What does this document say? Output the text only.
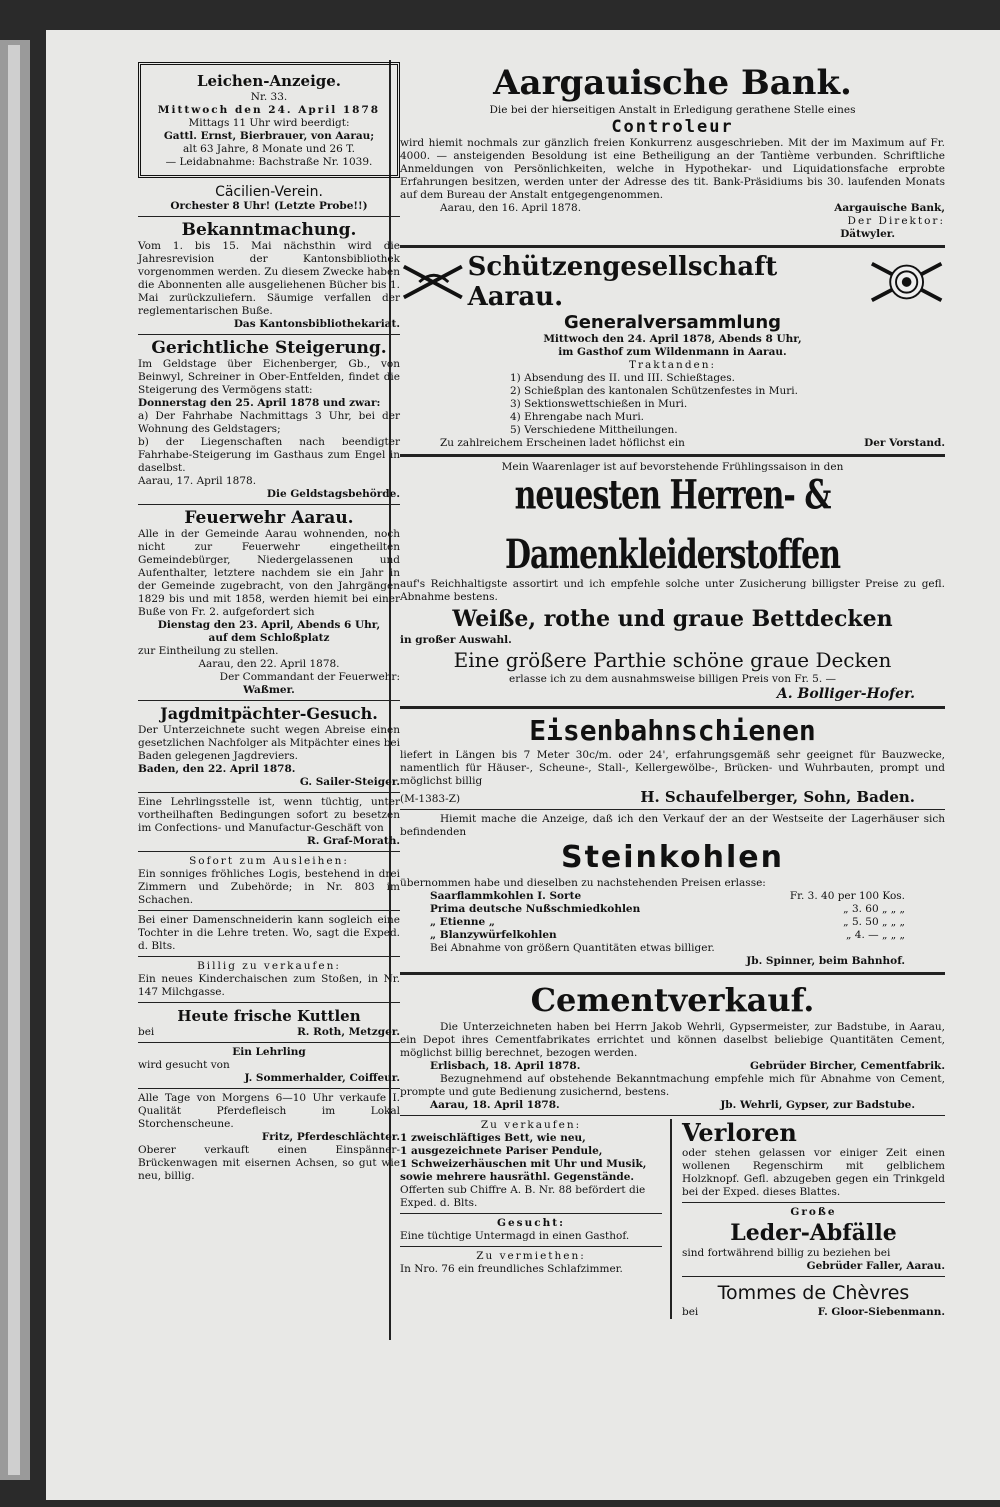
Leichen-Anzeige.

Nr. 33.

Mittwoch den 24. April 1878

Mittags 11 Uhr wird beerdigt:

Gattl. Ernst, Bierbrauer, von Aarau;

alt 63 Jahre, 8 Monate und 26 T.

— Leidabnahme: Bachstraße Nr. 1039.

Cäcilien-Verein.

Orchester 8 Uhr! (Letzte Probe!!)

Bekanntmachung.

Vom 1. bis 15. Mai nächsthin wird die Jahresrevision der Kantonsbibliothek vorgenommen werden. Zu diesem Zwecke haben die Abonnenten alle ausgeliehenen Bücher bis 1. Mai zurückzuliefern. Säumige verfallen der reglementarischen Buße.

Das Kantonsbibliothekariat.

Gerichtliche Steigerung.

Im Geldstage über Eichenberger, Gb., von Beinwyl, Schreiner in Ober-Entfelden, findet die Steigerung des Vermögens statt:

Donnerstag den 25. April 1878 und zwar:

a) Der Fahrhabe Nachmittags 3 Uhr, bei der Wohnung des Geldstagers;

b) der Liegenschaften nach beendigter Fahrhabe-Steigerung im Gasthaus zum Engel in daselbst.

Aarau, 17. April 1878.

Die Geldstagsbehörde.

Feuerwehr Aarau.

Alle in der Gemeinde Aarau wohnenden, noch nicht zur Feuerwehr eingetheilten Gemeindebürger, Niedergelassenen und Aufenthalter, letztere nachdem sie ein Jahr in der Gemeinde zugebracht, von den Jahrgängen 1829 bis und mit 1858, werden hiemit bei einer Buße von Fr. 2. aufgefordert sich

Dienstag den 23. April, Abends 6 Uhr,

auf dem Schloßplatz

zur Eintheilung zu stellen.

Aarau, den 22. April 1878.

Der Commandant der Feuerwehr:

Waßmer.

Jagdmitpächter-Gesuch.

Der Unterzeichnete sucht wegen Abreise einen gesetzlichen Nachfolger als Mitpächter eines bei Baden gelegenen Jagdreviers.

Baden, den 22. April 1878.

G. Sailer-Steiger.

Eine Lehrlingsstelle ist, wenn tüchtig, unter vortheilhaften Bedingungen sofort zu besetzen im Confections- und Manufactur-Geschäft von

R. Graf-Morath.

Sofort zum Ausleihen:

Ein sonniges fröhliches Logis, bestehend in drei Zimmern und Zubehörde; in Nr. 803 im Schachen.

Bei einer Damenschneiderin kann sogleich eine Tochter in die Lehre treten. Wo, sagt die Exped. d. Blts.

Billig zu verkaufen:

Ein neues Kinderchaischen zum Stoßen, in Nr. 147 Milchgasse.

Heute frische Kuttlen

bei	R. Roth, Metzger.

Ein Lehrling

wird gesucht von

J. Sommerhalder, Coiffeur.

Alle Tage von Morgens 6—10 Uhr verkaufe I. Qualität Pferdefleisch im Lokal Storchenscheune.

Fritz, Pferdeschlächter.

Oberer verkauft einen Einspänner-Brückenwagen mit eisernen Achsen, so gut wie neu, billig.

Aargauische Bank.

Die bei der hierseitigen Anstalt in Erledigung gerathene Stelle eines

Controleur

wird hiemit nochmals zur gänzlich freien Konkurrenz ausgeschrieben. Mit der im Maximum auf Fr. 4000. — ansteigenden Besoldung ist eine Betheiligung an der Tantième verbunden. Schriftliche Anmeldungen von Persönlichkeiten, welche in Hypothekar- und Liquidationsfache erprobte Erfahrungen besitzen, werden unter der Adresse des tit. Bank-Präsidiums bis 30. laufenden Monats auf dem Bureau der Anstalt entgegengenommen.

Aarau, den 16. April 1878.	Aargauische Bank,

Der Direktor:

Dätwyler.

Schützengesellschaft Aarau.

Generalversammlung

Mittwoch den 24. April 1878, Abends 8 Uhr,

im Gasthof zum Wildenmann in Aarau.

Traktanden:

1) Absendung des II. und III. Schießtages.

2) Schießplan des kantonalen Schützenfestes in Muri.

3) Sektionswettschießen in Muri.

4) Ehrengabe nach Muri.

5) Verschiedene Mittheilungen.

Zu zahlreichem Erscheinen ladet höflichst ein	Der Vorstand.

Mein Waarenlager ist auf bevorstehende Frühlingssaison in den

neuesten Herren- & Damenkleiderstoffen

auf's Reichhaltigste assortirt und ich empfehle solche unter Zusicherung billigster Preise zu gefl. Abnahme bestens.

Weiße, rothe und graue Bettdecken

in großer Auswahl.

Eine größere Parthie schöne graue Decken

erlasse ich zu dem ausnahmsweise billigen Preis von Fr. 5. —

A. Bolliger-Hofer.

Eisenbahnschienen

liefert in Längen bis 7 Meter 30c/m. oder 24', erfahrungsgemäß sehr geeignet für Bauzwecke, namentlich für Häuser-, Scheune-, Stall-, Kellergewölbe-, Brücken- und Wuhrbauten, prompt und möglichst billig

(M-1383-Z)	H. Schaufelberger, Sohn, Baden.

Hiemit mache die Anzeige, daß ich den Verkauf der an der Westseite der Lagerhäuser sich befindenden

Steinkohlen

übernommen habe und dieselben zu nachstehenden Preisen erlasse:

Saarflammkohlen I. Sorte	Fr. 3. 40 per 100 Kos.
Prima deutsche Nußschmiedkohlen	„ 3. 60 „ „ „
„ Etienne „	„ 5. 50 „ „ „
„ Blanzywürfelkohlen	„ 4. — „ „ „

Bei Abnahme von größern Quantitäten etwas billiger.

Jb. Spinner, beim Bahnhof.

Cementverkauf.

Die Unterzeichneten haben bei Herrn Jakob Wehrli, Gypsermeister, zur Badstube, in Aarau, ein Depot ihres Cementfabrikates errichtet und können daselbst beliebige Quantitäten Cement, möglichst billig berechnet, bezogen werden.

Erlisbach, 18. April 1878.	Gebrüder Bircher, Cementfabrik.

Bezugnehmend auf obstehende Bekanntmachung empfehle mich für Abnahme von Cement, prompte und gute Bedienung zusichernd, bestens.

Aarau, 18. April 1878.	Jb. Wehrli, Gypser, zur Badstube.

Zu verkaufen:

1 zweischläftiges Bett, wie neu,

1 ausgezeichnete Pariser Pendule,

1 Schweizerhäuschen mit Uhr und Musik,

sowie mehrere hausräthl. Gegenstände.

Offerten sub Chiffre A. B. Nr. 88 befördert die Exped. d. Blts.

Gesucht:

Eine tüchtige Untermagd in einen Gasthof.

Zu vermiethen:

In Nro. 76 ein freundliches Schlafzimmer.

Verloren

oder stehen gelassen vor einiger Zeit einen wollenen Regenschirm mit gelblichem Holzknopf. Gefl. abzugeben gegen ein Trinkgeld bei der Exped. dieses Blattes.

Große

Leder-Abfälle

sind fortwährend billig zu beziehen bei

Gebrüder Faller, Aarau.

Tommes de Chèvres

bei	F. Gloor-Siebenmann.
